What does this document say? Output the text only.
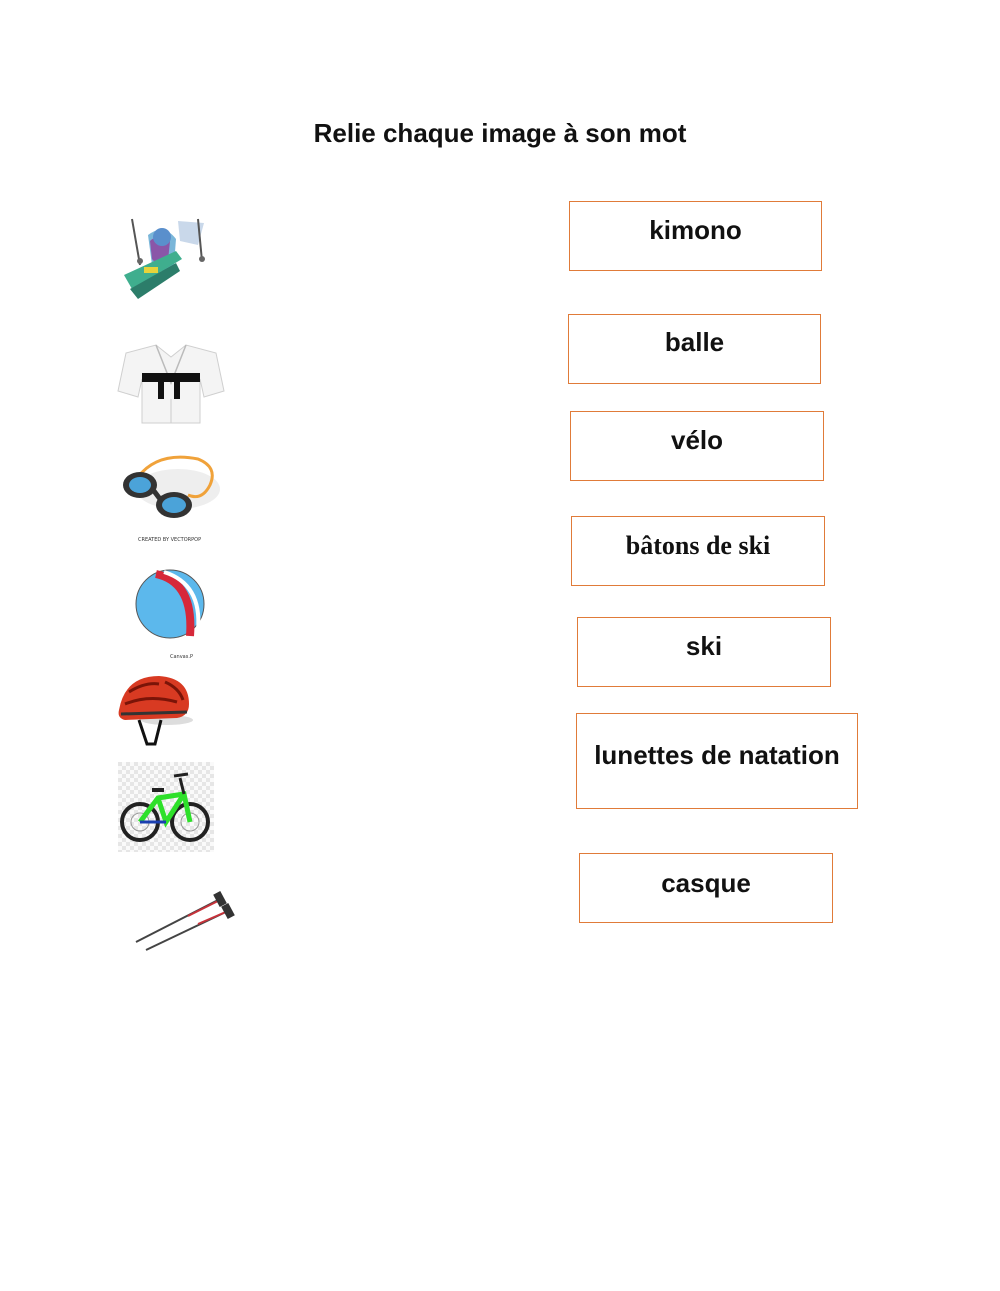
Relie chaque image à son mot
CREATED BY VECTORPOP
Canvas.P
kimono
balle
vélo
bâtons de ski
ski
lunettes de natation
casque
